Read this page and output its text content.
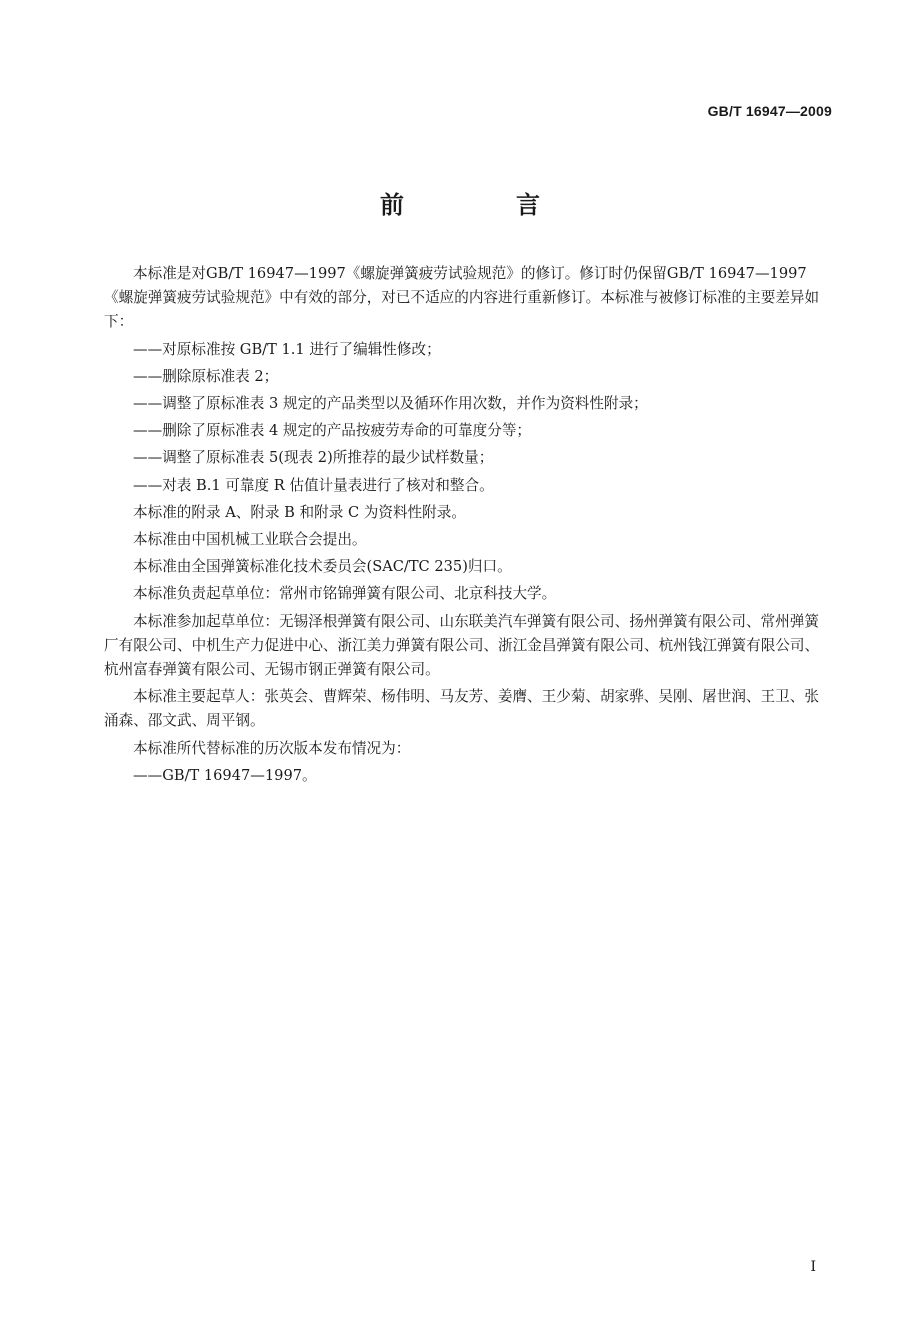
GB/T 16947—2009
前　言

本标准是对GB/T 16947—1997《螺旋弹簧疲劳试验规范》的修订。修订时仍保留GB/T 16947—1997《螺旋弹簧疲劳试验规范》中有效的部分，对已不适应的内容进行重新修订。本标准与被修订标准的主要差异如下：

——对原标准按 GB/T 1.1 进行了编辑性修改；

——删除原标准表 2；

——调整了原标准表 3 规定的产品类型以及循环作用次数，并作为资料性附录；

——删除了原标准表 4 规定的产品按疲劳寿命的可靠度分等；

——调整了原标准表 5(现表 2)所推荐的最少试样数量；

——对表 B.1 可靠度 R 估值计量表进行了核对和整合。

本标准的附录 A、附录 B 和附录 C 为资料性附录。

本标准由中国机械工业联合会提出。

本标准由全国弹簧标准化技术委员会(SAC/TC 235)归口。

本标准负责起草单位：常州市铭锦弹簧有限公司、北京科技大学。

本标准参加起草单位：无锡泽根弹簧有限公司、山东联美汽车弹簧有限公司、扬州弹簧有限公司、常州弹簧厂有限公司、中机生产力促进中心、浙江美力弹簧有限公司、浙江金昌弹簧有限公司、杭州钱江弹簧有限公司、杭州富春弹簧有限公司、无锡市钢正弹簧有限公司。

本标准主要起草人：张英会、曹辉荣、杨伟明、马友芳、姜膺、王少菊、胡家骅、吴刚、屠世润、王卫、张涌森、邵文武、周平钢。

本标准所代替标准的历次版本发布情况为：

——GB/T 16947—1997。

I
